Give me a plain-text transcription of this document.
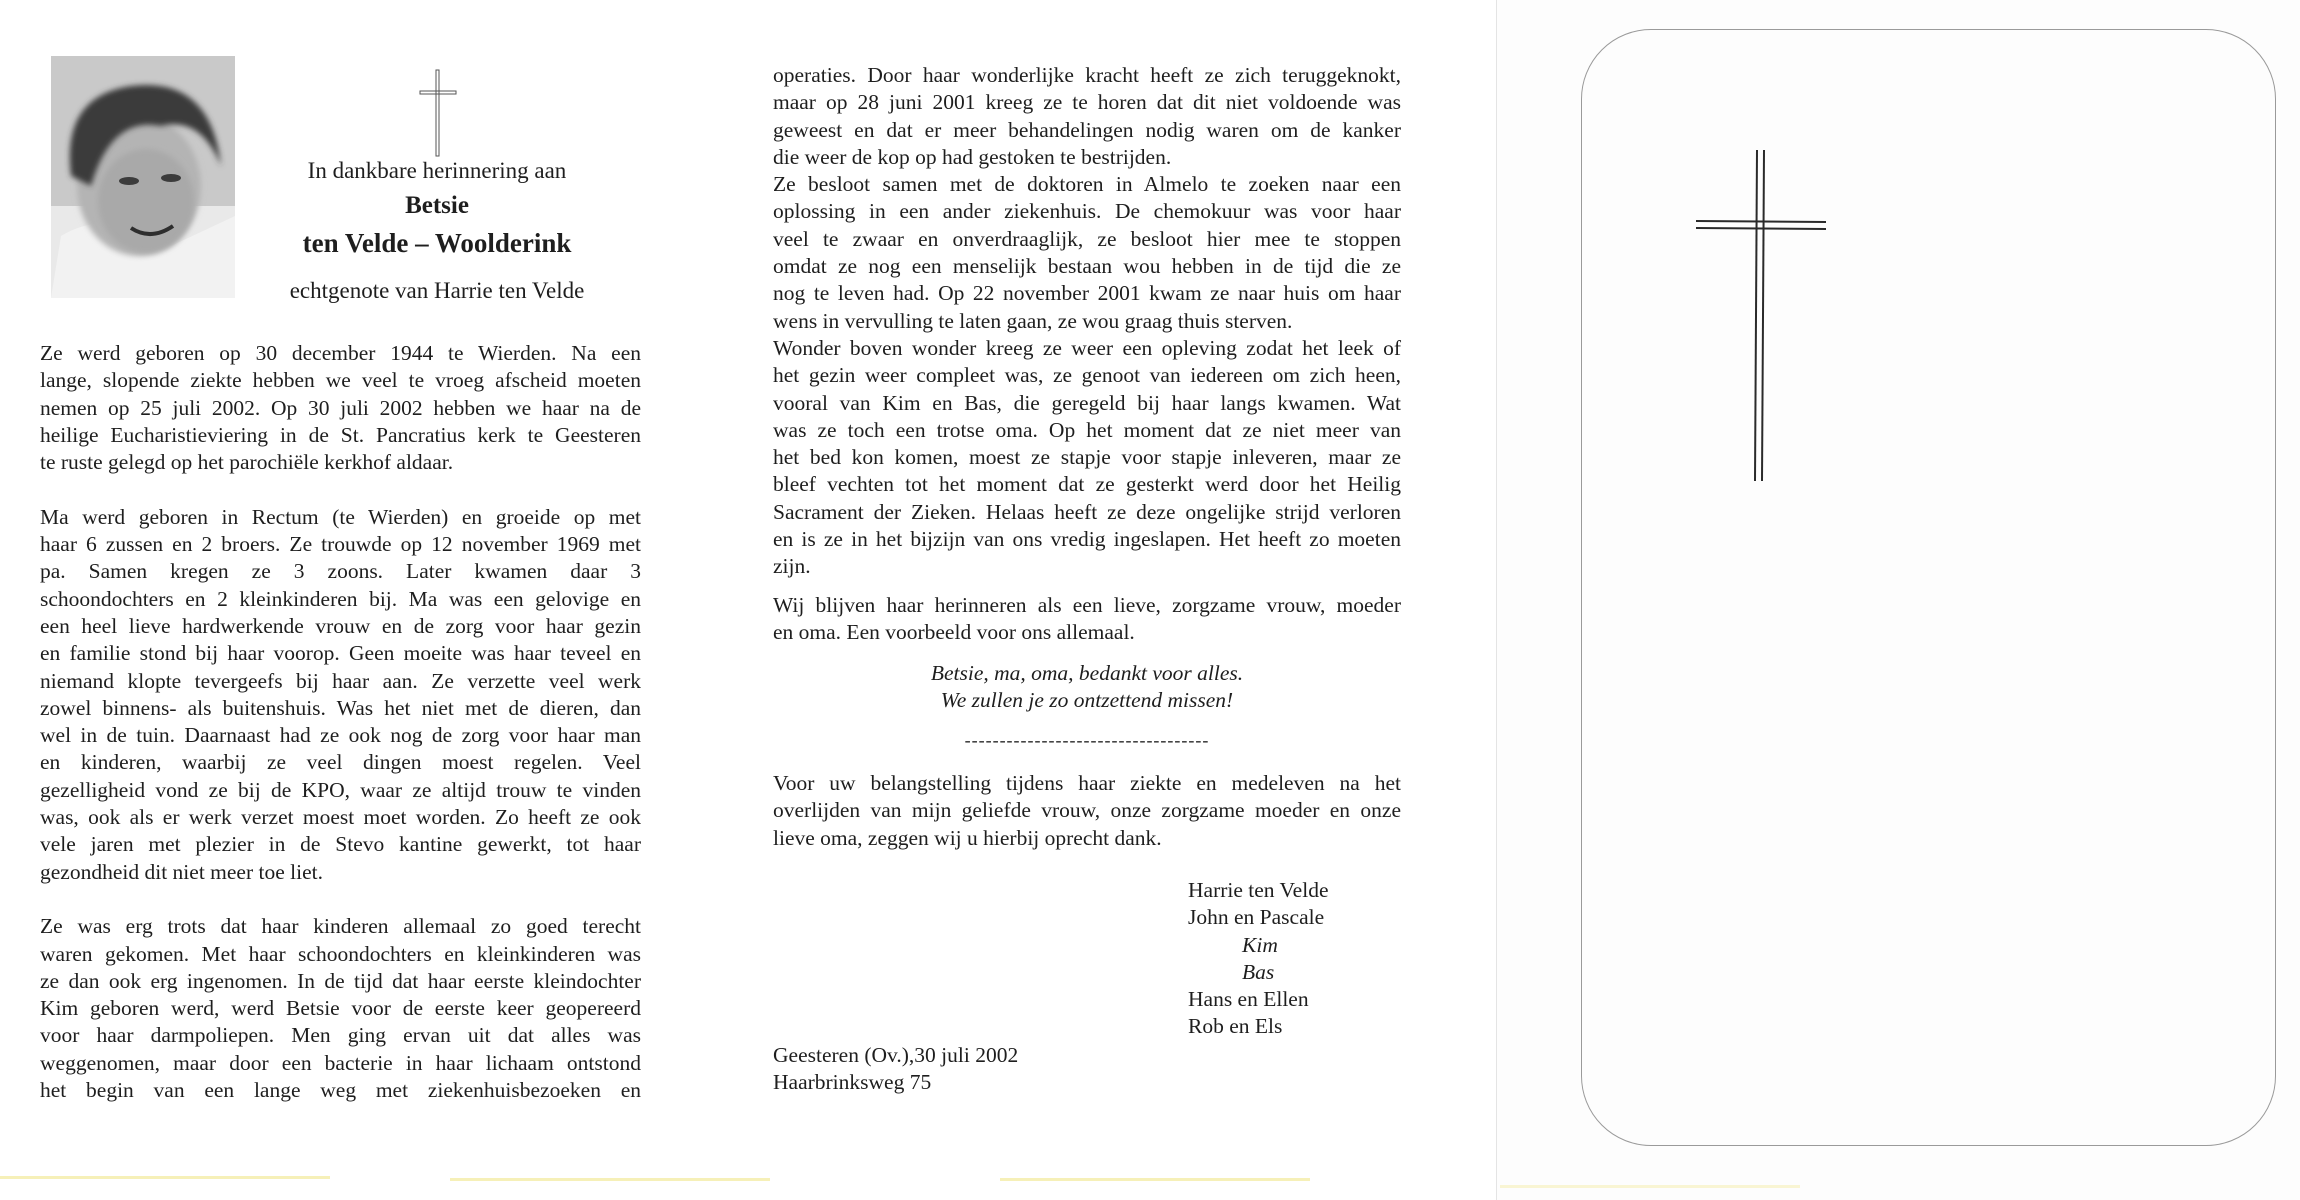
In dankbare herinnering aan
Betsie
ten Velde – Woolderink
echtgenote van Harrie ten Velde
Ze werd geboren op 30 december 1944 te Wierden. Na een
lange, slopende ziekte hebben we veel te vroeg afscheid moeten
nemen op 25 juli 2002. Op 30 juli 2002 hebben we haar na de
heilige Eucharistieviering in de St. Pancratius kerk te Geesteren
te ruste gelegd op het parochiële kerkhof aldaar.
Ma werd geboren in Rectum (te Wierden) en groeide op met
haar 6 zussen en 2 broers. Ze trouwde op 12 november 1969 met
pa. Samen kregen ze 3 zoons. Later kwamen daar 3
schoondochters en 2 kleinkinderen bij. Ma was een gelovige en
een heel lieve hardwerkende vrouw en de zorg voor haar gezin
en familie stond bij haar voorop. Geen moeite was haar teveel en
niemand klopte tevergeefs bij haar aan. Ze verzette veel werk
zowel binnens- als buitenshuis. Was het niet met de dieren, dan
wel in de tuin. Daarnaast had ze ook nog de zorg voor haar man
en kinderen, waarbij ze veel dingen moest regelen. Veel
gezelligheid vond ze bij de KPO, waar ze altijd trouw te vinden
was, ook als er werk verzet moest moet worden. Zo heeft ze ook
vele jaren met plezier in de Stevo kantine gewerkt, tot haar
gezondheid dit niet meer toe liet.
Ze was erg trots dat haar kinderen allemaal zo goed terecht
waren gekomen. Met haar schoondochters en kleinkinderen was
ze dan ook erg ingenomen. In de tijd dat haar eerste kleindochter
Kim geboren werd, werd Betsie voor de eerste keer geopereerd
voor haar darmpoliepen. Men ging ervan uit dat alles was
weggenomen, maar door een bacterie in haar lichaam ontstond
het begin van een lange weg met ziekenhuisbezoeken en
operaties. Door haar wonderlijke kracht heeft ze zich teruggeknokt,
maar op 28 juni 2001 kreeg ze te horen dat dit niet voldoende was
geweest en dat er meer behandelingen nodig waren om de kanker
die weer de kop op had gestoken te bestrijden.
Ze besloot samen met de doktoren in Almelo te zoeken naar een
oplossing in een ander ziekenhuis. De chemokuur was voor haar
veel te zwaar en onverdraaglijk, ze besloot hier mee te stoppen
omdat ze nog een menselijk bestaan wou hebben in de tijd die ze
nog te leven had. Op 22 november 2001 kwam ze naar huis om haar
wens in vervulling te laten gaan, ze wou graag thuis sterven.
Wonder boven wonder kreeg ze weer een opleving zodat het leek of
het gezin weer compleet was, ze genoot van iedereen om zich heen,
vooral van Kim en Bas, die geregeld bij haar langs kwamen. Wat
was ze toch een trotse oma. Op het moment dat ze niet meer van
het bed kon komen, moest ze stapje voor stapje inleveren, maar ze
bleef vechten tot het moment dat ze gesterkt werd door het Heilig
Sacrament der Zieken. Helaas heeft ze deze ongelijke strijd verloren
en is ze in het bijzijn van ons vredig ingeslapen. Het heeft zo moeten
zijn.
Wij blijven haar herinneren als een lieve, zorgzame vrouw, moeder
en oma. Een voorbeeld voor ons allemaal.
Betsie, ma, oma, bedankt voor alles.
We zullen je zo ontzettend missen!
-----------------------------------
Voor uw belangstelling tijdens haar ziekte en medeleven na het
overlijden van mijn geliefde vrouw, onze zorgzame moeder en onze
lieve oma, zeggen wij u hierbij oprecht dank.
Harrie ten Velde
John en Pascale
Kim
Bas
Hans en Ellen
Rob en Els
Geesteren (Ov.),30 juli 2002
Haarbrinksweg 75
